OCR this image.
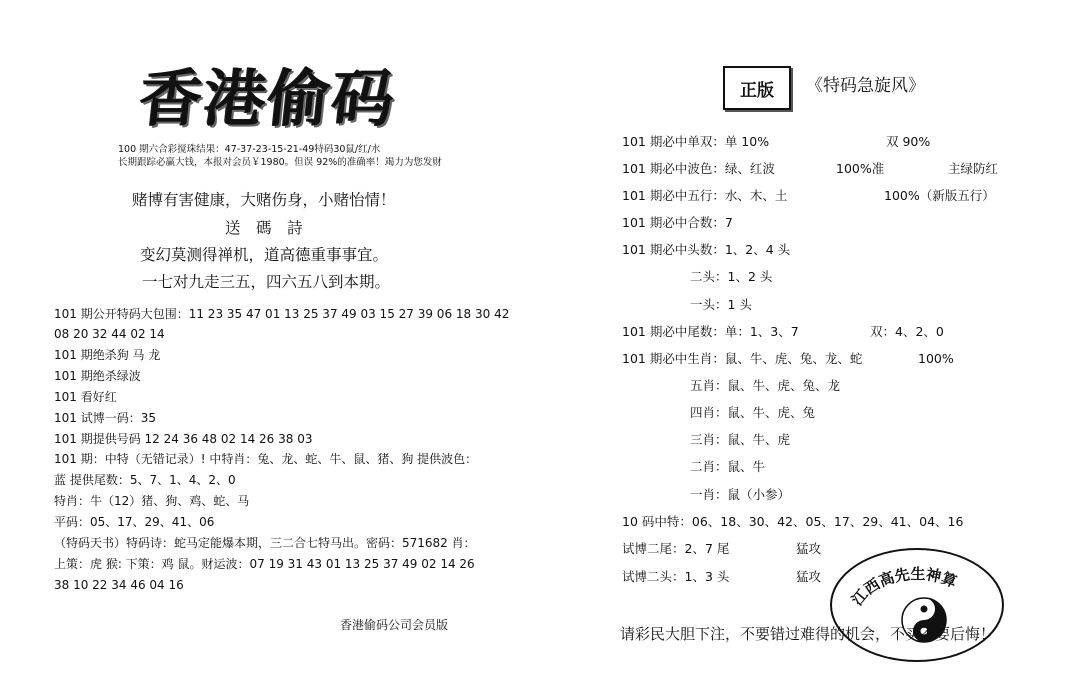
香港偷码
100 期六合彩搅珠结果：47-37-23-15-21-49特码30鼠/红/水
长期跟踪必赢大钱，本报对会员￥1980。但误 92%的准确率！竭力为您发财
赌博有害健康，大赌伤身，小赌怡情！
送　碼　詩
变幻莫测得禅机，道高德重事事宜。
一七对九走三五，四六五八到本期。
101 期公开特码大包围：11 23 35 47 01 13 25 37 49 03 15 27 39 06 18 30 42
08 20 32 44 02 14
101 期绝杀狗 马 龙
101 期绝杀绿波
101 看好红
101 试博一码：35
101 期提供号码 12 24 36 48 02 14 26 38 03
101 期：中特（无错记录）! 中特肖：兔、龙、蛇、牛、鼠、猪、狗 提供波色：
蓝 提供尾数：5、7、1、4、2、0
特肖：牛（12）猪、狗、鸡、蛇、马
平码：05、17、29、41、06
（特码天书）特码诗：蛇马定能爆本期，三二合七特马出。密码：571682 肖：
上策：虎 猴: 下策：鸡 鼠。财运波：07 19 31 43 01 13 25 37 49 02 14 26
38 10 22 34 46 04 16
香港偷码公司会员版
正版	《特码急旋风》
101 期必中单双：单 10%	双 90%
101 期必中波色：绿、红波	100%准	主绿防红
101 期必中五行：水、木、土	100%（新版五行）
101 期必中合数：7
101 期必中头数：1、2、4 头
二头：1、2 头
一头：1 头
101 期必中尾数：单：1、3、7	双：4、2、0
101 期必中生肖：鼠、牛、虎、兔、龙、蛇	100%
五肖：鼠、牛、虎、兔、龙
四肖：鼠、牛、虎、兔
三肖：鼠、牛、虎
二肖：鼠、牛
一肖：鼠（小参）
10 码中特：06、18、30、42、05、17、29、41、04、16
试博二尾：2、7 尾	猛攻
试博二头：1、3 头	猛攻
江西高先生神算
请彩民大胆下注，不要错过难得的机会，不买不要后悔！
